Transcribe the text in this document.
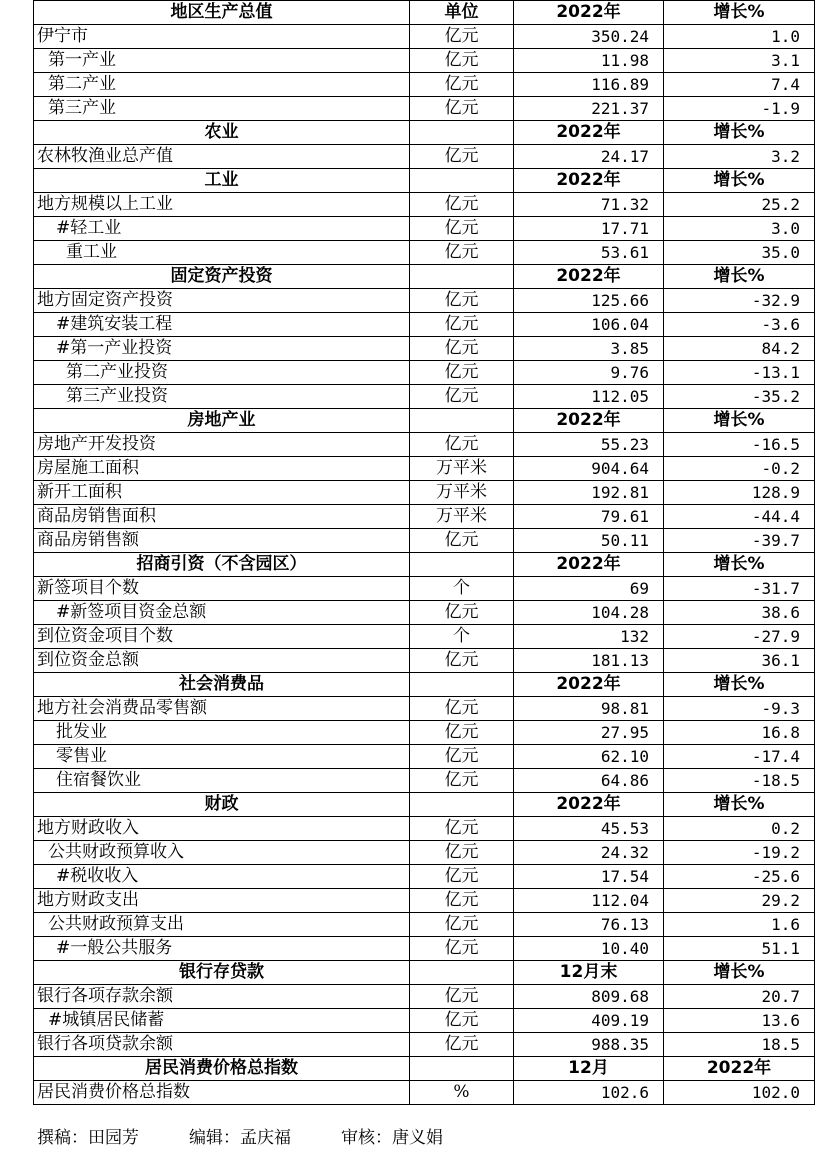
地区生产总值	单位	2022年	增长%
伊宁市	亿元	350.24	1.0
第一产业	亿元	11.98	3.1
第二产业	亿元	116.89	7.4
第三产业	亿元	221.37	-1.9
农业		2022年	增长%
农林牧渔业总产值	亿元	24.17	3.2
工业		2022年	增长%
地方规模以上工业	亿元	71.32	25.2
#轻工业	亿元	17.71	3.0
重工业	亿元	53.61	35.0
固定资产投资		2022年	增长%
地方固定资产投资	亿元	125.66	-32.9
#建筑安装工程	亿元	106.04	-3.6
#第一产业投资	亿元	3.85	84.2
第二产业投资	亿元	9.76	-13.1
第三产业投资	亿元	112.05	-35.2
房地产业		2022年	增长%
房地产开发投资	亿元	55.23	-16.5
房屋施工面积	万平米	904.64	-0.2
新开工面积	万平米	192.81	128.9
商品房销售面积	万平米	79.61	-44.4
商品房销售额	亿元	50.11	-39.7
招商引资（不含园区）		2022年	增长%
新签项目个数	个	69	-31.7
#新签项目资金总额	亿元	104.28	38.6
到位资金项目个数	个	132	-27.9
到位资金总额	亿元	181.13	36.1
社会消费品		2022年	增长%
地方社会消费品零售额	亿元	98.81	-9.3
批发业	亿元	27.95	16.8
零售业	亿元	62.10	-17.4
住宿餐饮业	亿元	64.86	-18.5
财政		2022年	增长%
地方财政收入	亿元	45.53	0.2
公共财政预算收入	亿元	24.32	-19.2
#税收收入	亿元	17.54	-25.6
地方财政支出	亿元	112.04	29.2
公共财政预算支出	亿元	76.13	1.6
#一般公共服务	亿元	10.40	51.1
银行存贷款		12月末	增长%
银行各项存款余额	亿元	809.68	20.7
#城镇居民储蓄	亿元	409.19	13.6
银行各项贷款余额	亿元	988.35	18.5
居民消费价格总指数		12月	2022年
居民消费价格总指数	%	102.6	102.0
撰稿：田园芳	编辑：孟庆福	审核：唐义娟
